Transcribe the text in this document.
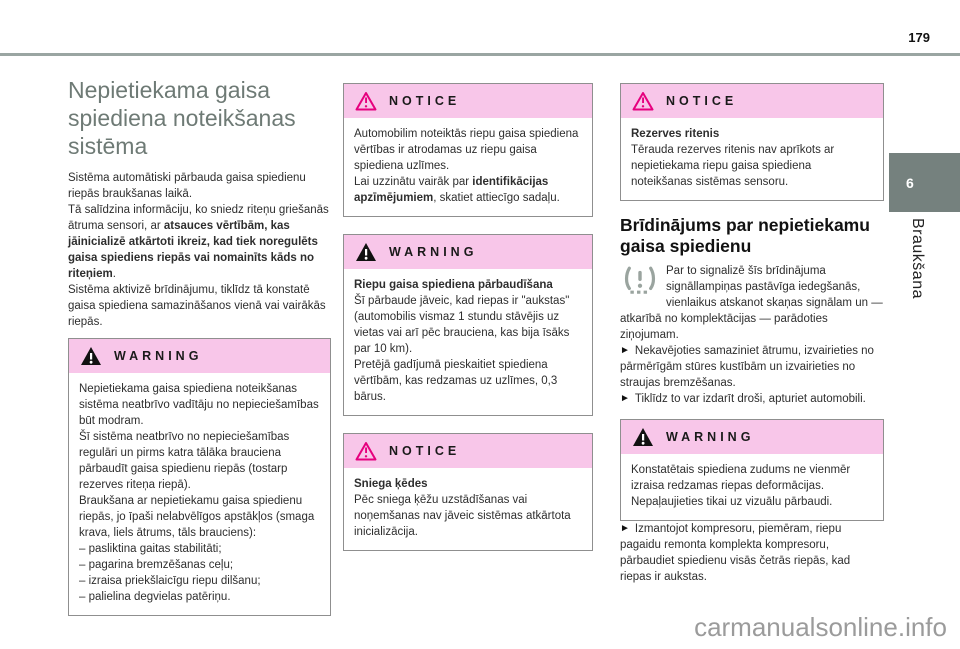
179
Nepietiekama gaisa spiediena noteikšanas sistēma

Sistēma automātiski pārbauda gaisa spiedienu riepās braukšanas laikā.

Tā salīdzina informāciju, ko sniedz riteņu griešanās ātruma sensori, ar atsauces vērtībām, kas jāinicializē atkārtoti ikreiz, kad tiek noregulēts gaisa spiediens riepās vai nomainīts kāds no riteņiem.

Sistēma aktivizē brīdinājumu, tiklīdz tā konstatē gaisa spiediena samazināšanos vienā vai vairākās riepās.

WARNING

Nepietiekama gaisa spiediena noteikšanas sistēma neatbrīvo vadītāju no nepieciešamības būt modram.

Šī sistēma neatbrīvo no nepieciešamības regulāri un pirms katra tālāka brauciena pārbaudīt gaisa spiedienu riepās (tostarp rezerves riteņa riepā).

Braukšana ar nepietiekamu gaisa spiedienu riepās, jo īpaši nelabvēlīgos apstākļos (smaga krava, liels ātrums, tāls brauciens):

– pasliktina gaitas stabilitāti;
– pagarina bremzēšanas ceļu;
– izraisa priekšlaicīgu riepu dilšanu;
– palielina degvielas patēriņu.
NOTICE

Automobilim noteiktās riepu gaisa spiediena vērtības ir atrodamas uz riepu gaisa spiediena uzlīmes.

Lai uzzinātu vairāk par identifikācijas apzīmējumiem, skatiet attiecīgo sadaļu.

WARNING

Riepu gaisa spiediena pārbaudīšana

Šī pārbaude jāveic, kad riepas ir "aukstas" (automobilis vismaz 1 stundu stāvējis uz vietas vai arī pēc brauciena, kas bija īsāks par 10 km).

Pretējā gadījumā pieskaitiet spiediena vērtībām, kas redzamas uz uzlīmes, 0,3 bārus.

NOTICE

Sniega ķēdes

Pēc sniega ķēžu uzstādīšanas vai noņemšanas nav jāveic sistēmas atkārtota inicializācija.

NOTICE

Rezerves ritenis

Tērauda rezerves ritenis nav aprīkots ar nepietiekama riepu gaisa spiediena noteikšanas sistēmas sensoru.

Brīdinājums par nepietiekamu gaisa spiedienu

Par to signalizē šīs brīdinājuma signāllampiņas pastāvīga iedegšanās, vienlaikus atskanot skaņas signālam un — atkarībā no komplektācijas — parādoties ziņojumam.

► Nekavējoties samaziniet ātrumu, izvairieties no pārmērīgām stūres kustībām un izvairieties no straujas bremzēšanas.

► Tiklīdz to var izdarīt droši, apturiet automobili.

WARNING

Konstatētais spiediena zudums ne vienmēr izraisa redzamas riepas deformācijas.

Nepaļaujieties tikai uz vizuālu pārbaudi.

► Izmantojot kompresoru, piemēram, riepu pagaidu remonta komplekta kompresoru, pārbaudiet spiedienu visās četrās riepās, kad riepas ir aukstas.

6
Braukšana
carmanualsonline.info
